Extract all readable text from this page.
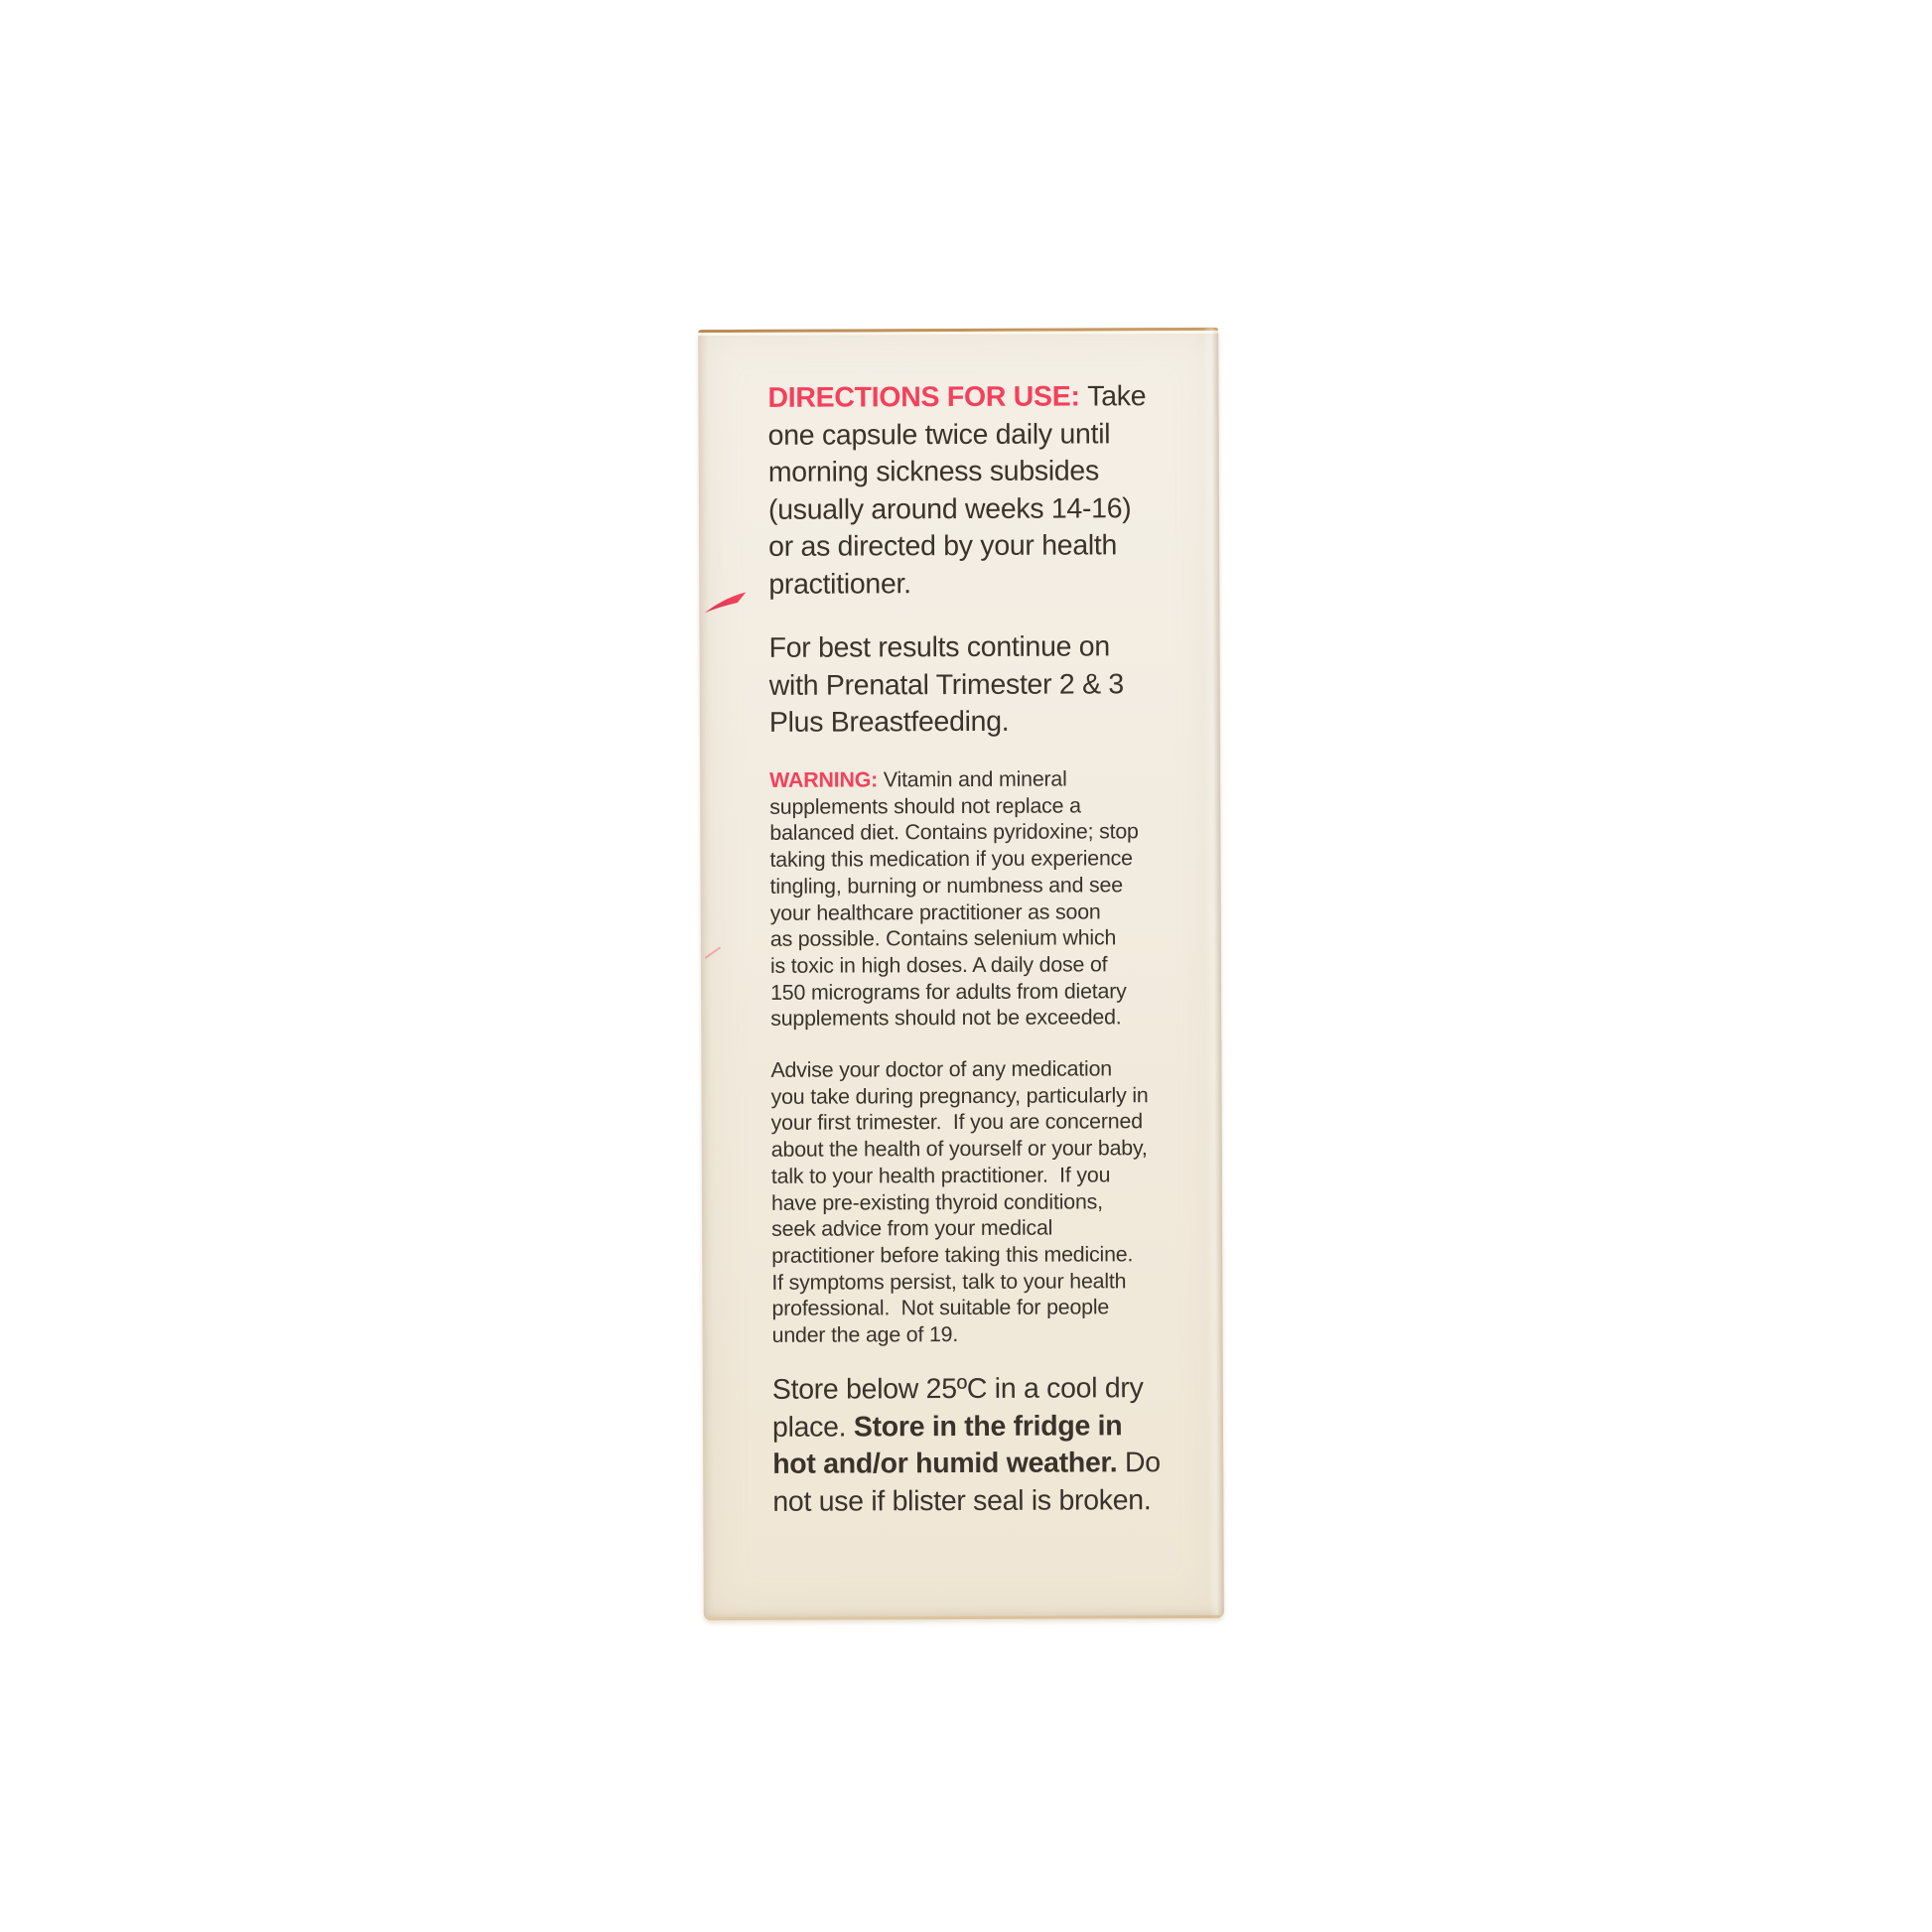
DIRECTIONS FOR USE: Take
one capsule twice daily until
morning sickness subsides
(usually around weeks 14-16)
or as directed by your health
practitioner.
For best results continue on
with Prenatal Trimester 2 & 3
Plus Breastfeeding.
WARNING: Vitamin and mineral
supplements should not replace a
balanced diet. Contains pyridoxine; stop
taking this medication if you experience
tingling, burning or numbness and see
your healthcare practitioner as soon
as possible. Contains selenium which
is toxic in high doses. A daily dose of
150 micrograms for adults from dietary
supplements should not be exceeded.
Advise your doctor of any medication
you take during pregnancy, particularly in
your first trimester.  If you are concerned
about the health of yourself or your baby,
talk to your health practitioner.  If you
have pre-existing thyroid conditions,
seek advice from your medical
practitioner before taking this medicine.
If symptoms persist, talk to your health
professional.  Not suitable for people
under the age of 19.
Store below 25ºC in a cool dry
place. Store in the fridge in
hot and/or humid weather. Do
not use if blister seal is broken.
